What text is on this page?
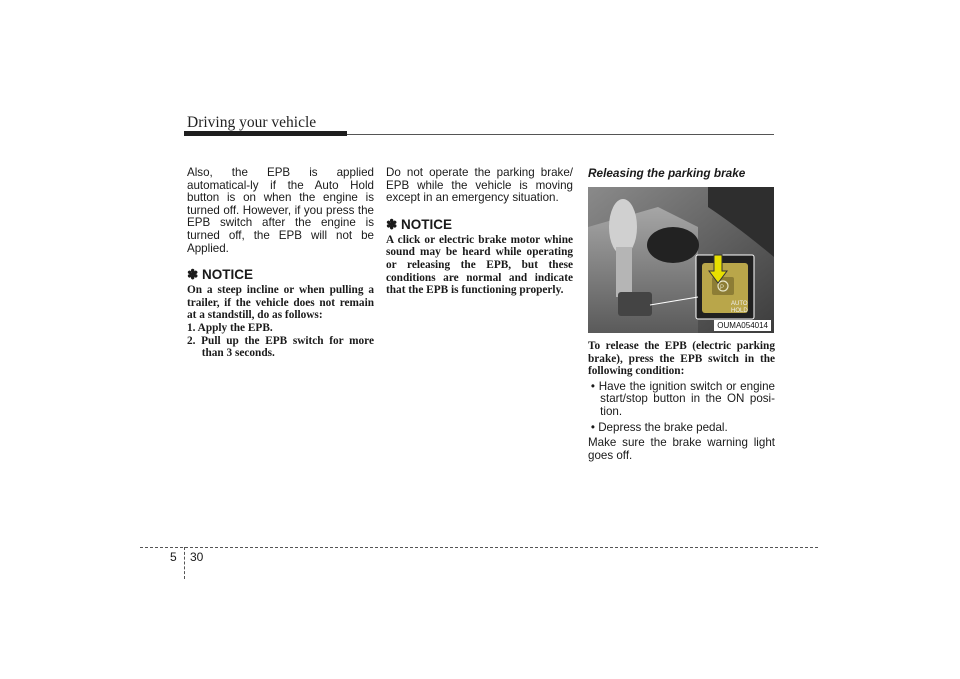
Driving your vehicle

Also, the EPB is applied automatical-ly if the Auto Hold button is on when the engine is turned off. However, if you press the EPB switch after the engine is turned off, the EPB will not be Applied.

✽ NOTICE

On a steep incline or when pulling a trailer, if the vehicle does not remain at a standstill, do as follows:
1. Apply the EPB.
2. Pull up the EPB switch for more than 3 seconds.

Do not operate the parking brake/ EPB while the vehicle is moving except in an emergency situation.

✽ NOTICE

A click or electric brake motor whine sound may be heard while operating or releasing the EPB, but these conditions are normal and indicate that the EPB is functioning properly.

Releasing the parking brake

P
AUTO
HOLD
OUMA054014

To release the EPB (electric parking brake), press the EPB switch in the following condition:

• Have the ignition switch or engine start/stop button in the ON posi-tion.
• Depress the brake pedal.

Make sure the brake warning light goes off.

5 30
